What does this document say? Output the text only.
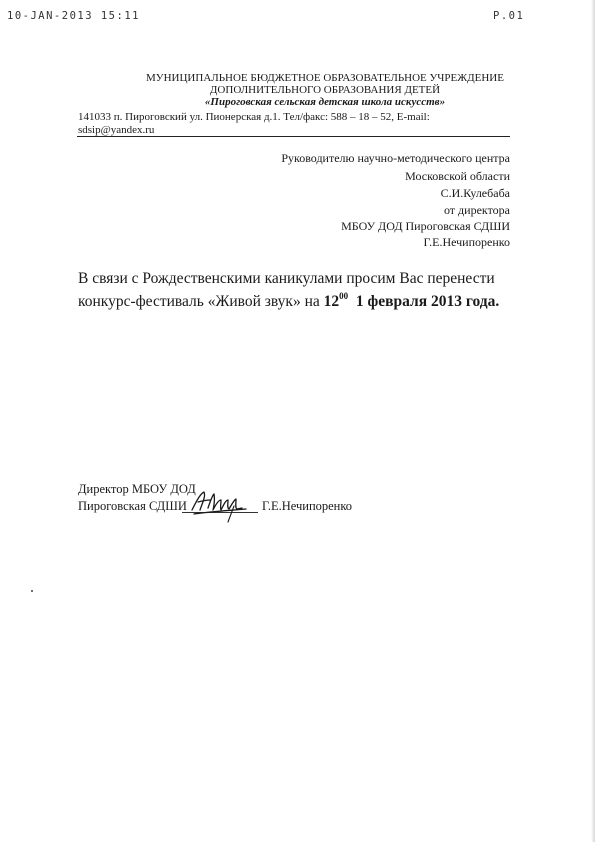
10-JAN-2013 15:11	P.01
МУНИЦИПАЛЬНОЕ БЮДЖЕТНОЕ ОБРАЗОВАТЕЛЬНОЕ УЧРЕЖДЕНИЕ
ДОПОЛНИТЕЛЬНОГО ОБРАЗОВАНИЯ ДЕТЕЙ
«Пироговская сельская детская школа искусств»
141033 п. Пироговский ул. Пионерская д.1. Тел/факс: 588 – 18 – 52, E-mail:
sdsip@yandex.ru
Руководителю научно-методического центра
Московской области
С.И.Кулебаба
от директора
МБОУ ДОД Пироговская СДШИ
Г.Е.Нечипоренко
В связи с Рождественскими каникулами просим Вас перенести
конкурс-фестиваль «Живой звук» на $12^{00}$ 1 февраля 2013 года.
Директор МБОУ ДОД
Пироговская СДШИ	Г.Е.Нечипоренко
